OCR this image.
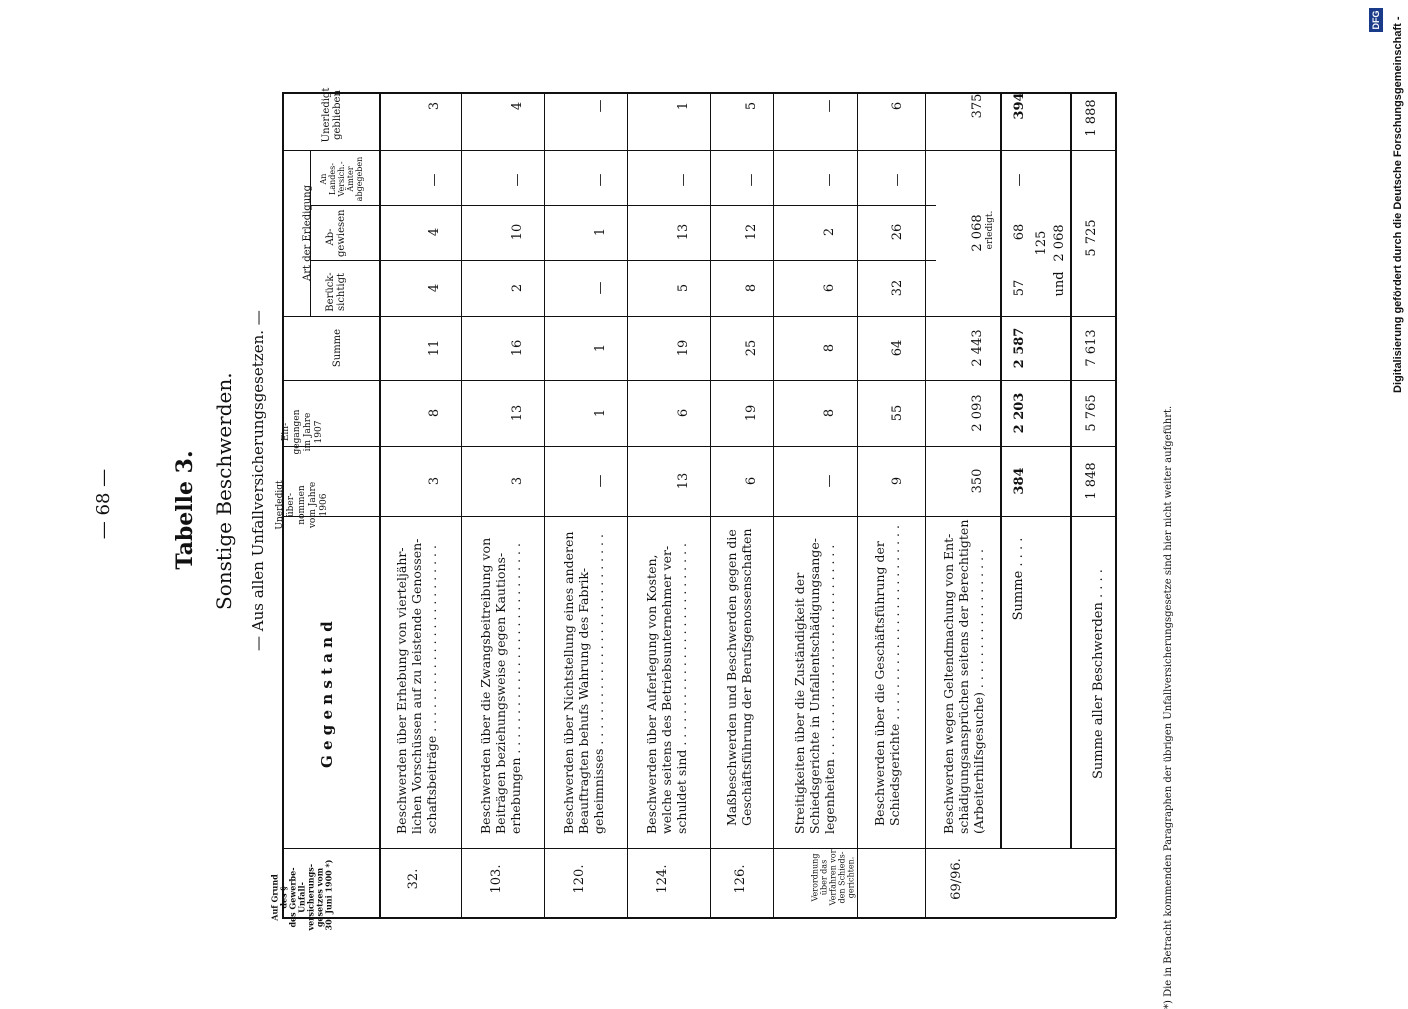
— 68 —	Tabelle 3. Sonstige Beschwerden. — Aus allen Unfallversicherungsgesetzen. —
Digitalisierung gefördert durch die Deutsche Forschungsgemeinschaft -
DFG
Auf Grund
des §
des Gewerbe-
Unfall-
versicherungs-
gesetzes vom
30. Juni 1900 *)
G e g e n s t a n d
Unerledigt
über-
nommen
vom Jahre
1906
Ein-
gegangen
im Jahre
1907
Summe
Art der Erledigung
Berück-
sichtigt
Ab-
gewiesen
An
Landes-
Versich.-
Ämter
abgegeben
Unerledigt
geblieben
32.
Beschwerden über Erhebung von vierteljähr-
lichen Vorschüssen auf zu leistende Genossen-
schaftsbeiträge . . . . . . . . . . . . . . . . . . . . . . . .
3
8
11
4
4
—
3
103.
Beschwerden über die Zwangsbeitreibung von
Beiträgen beziehungsweise gegen Kautions-
erhebungen . . . . . . . . . . . . . . . . . . . . . . . . . . .
3
13
16
2
10
—
4
120.
Beschwerden über Nichtstellung eines anderen
Beauftragten behufs Wahrung des Fabrik-
geheimnisses . . . . . . . . . . . . . . . . . . . . . . . . . . .
—
1
1
—
1
—
—
124.
Beschwerden über Auferlegung von Kosten,
welche seitens des Betriebsunternehmer ver-
schuldet sind . . . . . . . . . . . . . . . . . . . . . . . . . .
13
6
19
5
13
—
1
126.
Maßbeschwerden und Beschwerden gegen die
Geschäftsführung der Berufsgenossenschaften
6
19
25
8
12
—
5
Verordnung
über das
Verfahren vor
den Schieds-
gerichten.
Streitigkeiten über die Zuständigkeit der
Schiedsgerichte in Unfallentschädigungsange-
legenheiten . . . . . . . . . . . . . . . . . . . . . . . . . . .
—
8
8
6
2
—
—
Beschwerden über die Geschäftsführung der
Schiedsgerichte . . . . . . . . . . . . . . . . . . . . . . . . .
9
55
64
32
26
—
6
69/96.
Beschwerden wegen Geltendmachung von Ent-
schädigungsansprüchen seitens der Berechtigten
(Arbeiterhilfsgesuche) . . . . . . . . . . . . . . . . . .
350
2 093
2 443
2 068 erledigt.
375
Summe . . . .
384
2 203
2 587
57
68
—
125
und
2 068
394
Summe aller Beschwerden . . . .
1 848
5 765
7 613
5 725
1 888
*) Die in Betracht kommenden Paragraphen der übrigen Unfallversicherungsgesetze sind hier nicht weiter aufgeführt.
